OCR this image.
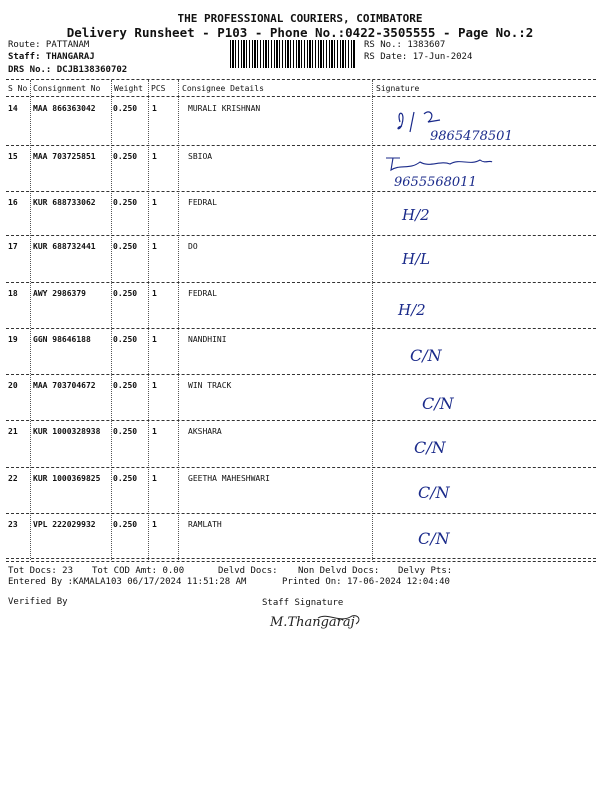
THE PROFESSIONAL COURIERS, COIMBATORE
Delivery Runsheet - P103 - Phone No.:0422-3505555 - Page No.:2
Route: PATTANAM
Staff: THANGARAJ
DRS No.: DCJB138360702
RS No.: 1383607
RS Date: 17-Jun-2024
S No Consignment No Weight PCS Consignee Details	Signature
14 MAA 866363042 0.250 1	MURALI KRISHNAN
9865478501
15 MAA 703725851 0.250 1	SBIOA
9655568011
16 KUR 688733062 0.250 1	FEDRAL
H/2
17 KUR 688732441 0.250 1	DO
H/L
18 AWY 2986379	0.250 1	FEDRAL
H/2
19 GGN 98646188	0.250 1	NANDHINI
C/N
20 MAA 703704672 0.250 1	WIN TRACK
C/N
21 KUR 1000328938 0.250 1	AKSHARA
C/N
22 KUR 1000369825 0.250 1	GEETHA MAHESHWARI
C/N
23 VPL 222029932 0.250 1	RAMLATH
C/N
Tot Docs: 23 Tot COD Amt: 0.00	Delvd Docs: Non Delvd Docs: Delvy Pts:
Entered By :KAMALA103 06/17/2024 11:51:28 AM	Printed On: 17-06-2024 12:04:40
Verified By	Staff Signature
M.Thangaraj
